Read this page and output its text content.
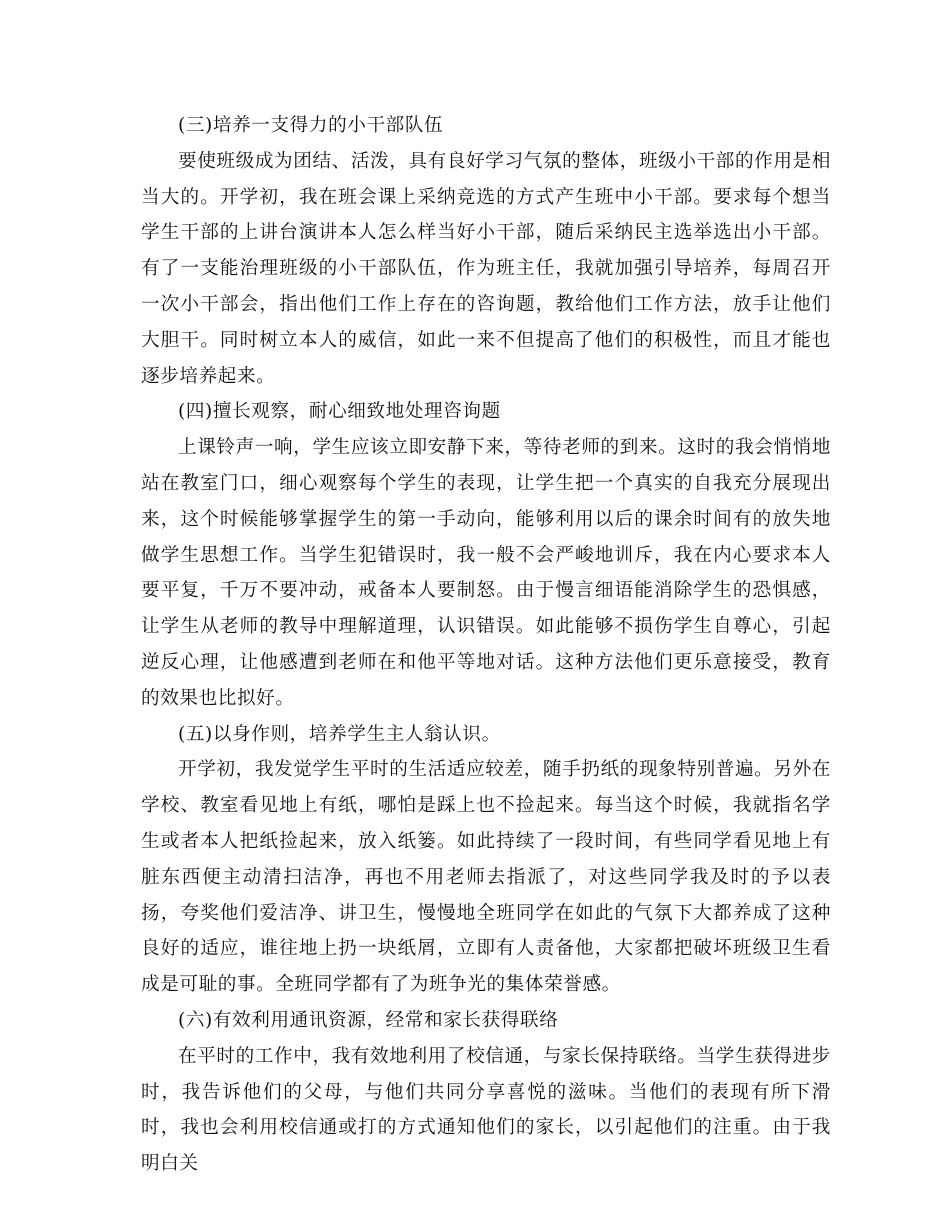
(三)培养一支得力的小干部队伍

要使班级成为团结、活泼，具有良好学习气氛的整体，班级小干部的作用是相当大的。开学初，我在班会课上采纳竞选的方式产生班中小干部。要求每个想当学生干部的上讲台演讲本人怎么样当好小干部，随后采纳民主选举选出小干部。有了一支能治理班级的小干部队伍，作为班主任，我就加强引导培养，每周召开一次小干部会，指出他们工作上存在的咨询题，教给他们工作方法，放手让他们大胆干。同时树立本人的威信，如此一来不但提高了他们的积极性，而且才能也逐步培养起来。

(四)擅长观察，耐心细致地处理咨询题

上课铃声一响，学生应该立即安静下来，等待老师的到来。这时的我会悄悄地站在教室门口，细心观察每个学生的表现，让学生把一个真实的自我充分展现出来，这个时候能够掌握学生的第一手动向，能够利用以后的课余时间有的放失地做学生思想工作。当学生犯错误时，我一般不会严峻地训斥，我在内心要求本人要平复，千万不要冲动，戒备本人要制怒。由于慢言细语能消除学生的恐惧感，让学生从老师的教导中理解道理，认识错误。如此能够不损伤学生自尊心，引起逆反心理，让他感遭到老师在和他平等地对话。这种方法他们更乐意接受，教育的效果也比拟好。

(五)以身作则，培养学生主人翁认识。

开学初，我发觉学生平时的生活适应较差，随手扔纸的现象特别普遍。另外在学校、教室看见地上有纸，哪怕是踩上也不捡起来。每当这个时候，我就指名学生或者本人把纸捡起来，放入纸篓。如此持续了一段时间，有些同学看见地上有脏东西便主动清扫洁净，再也不用老师去指派了，对这些同学我及时的予以表扬，夸奖他们爱洁净、讲卫生，慢慢地全班同学在如此的气氛下大都养成了这种良好的适应，谁往地上扔一块纸屑，立即有人责备他，大家都把破坏班级卫生看成是可耻的事。全班同学都有了为班争光的集体荣誉感。

(六)有效利用通讯资源，经常和家长获得联络

在平时的工作中，我有效地利用了校信通，与家长保持联络。当学生获得进步时，我告诉他们的父母，与他们共同分享喜悦的滋味。当他们的表现有所下滑时，我也会利用校信通或打的方式通知他们的家长，以引起他们的注重。由于我明白关
